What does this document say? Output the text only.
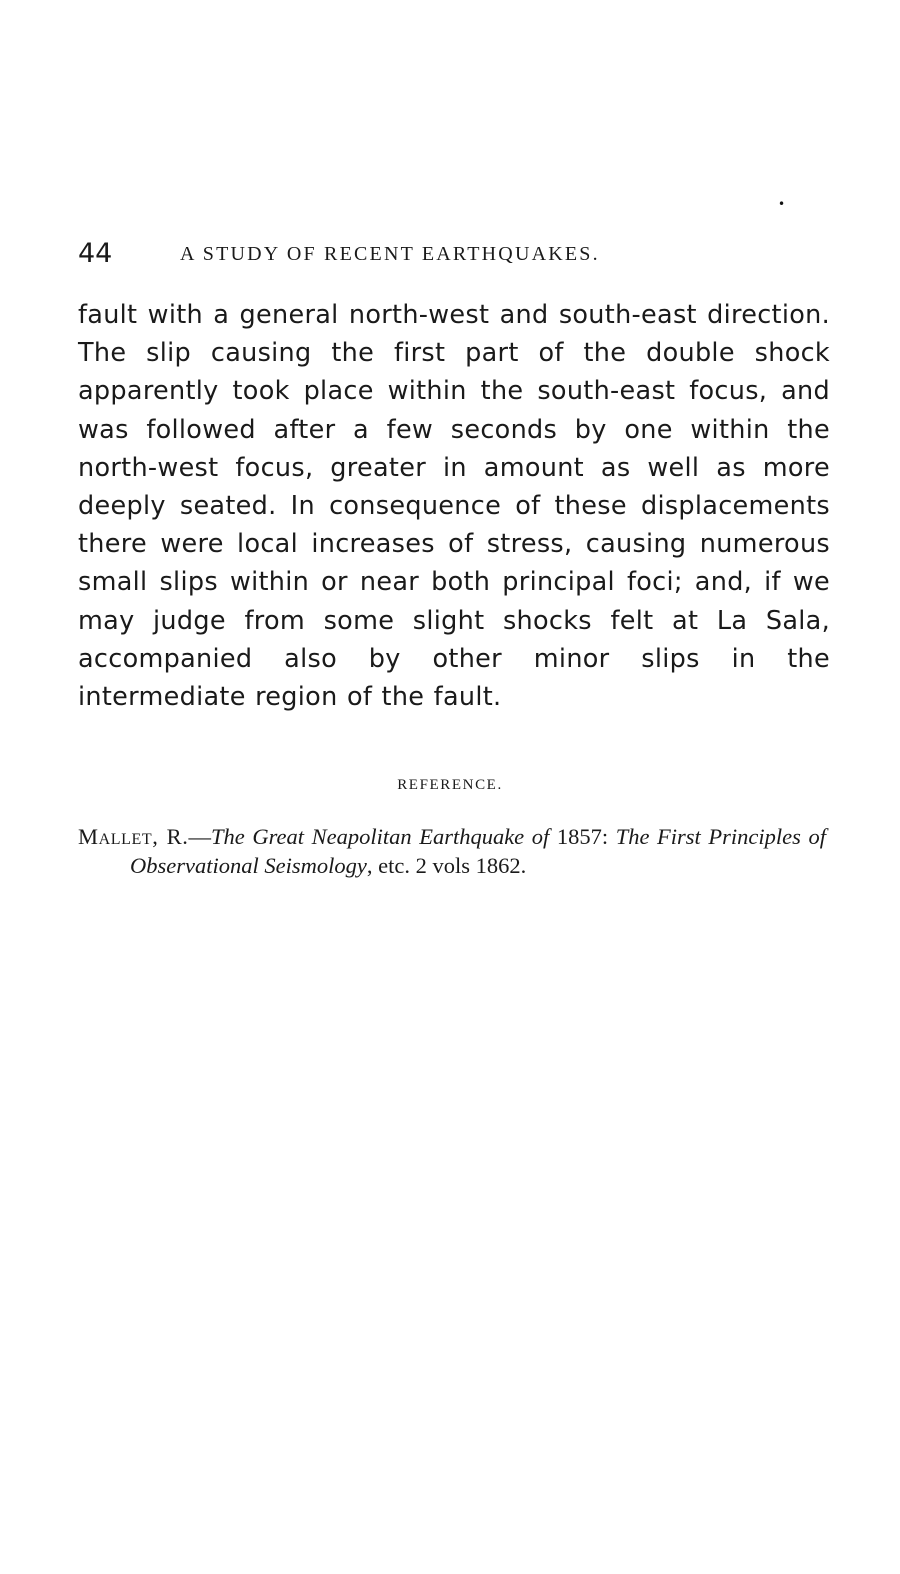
•
44	A STUDY OF RECENT EARTHQUAKES.

fault with a general north-west and south-east direction. The slip causing the first part of the double shock apparently took place within the south-east focus, and was followed after a few seconds by one within the north-west focus, greater in amount as well as more deeply seated. In consequence of these displacements there were local increases of stress, causing numerous small slips within or near both principal foci; and, if we may judge from some slight shocks felt at La Sala, accompanied also by other minor slips in the intermediate region of the fault.

REFERENCE.

Mallet, R.—The Great Neapolitan Earthquake of 1857: The First Principles of Observational Seismology, etc. 2 vols 1862.
